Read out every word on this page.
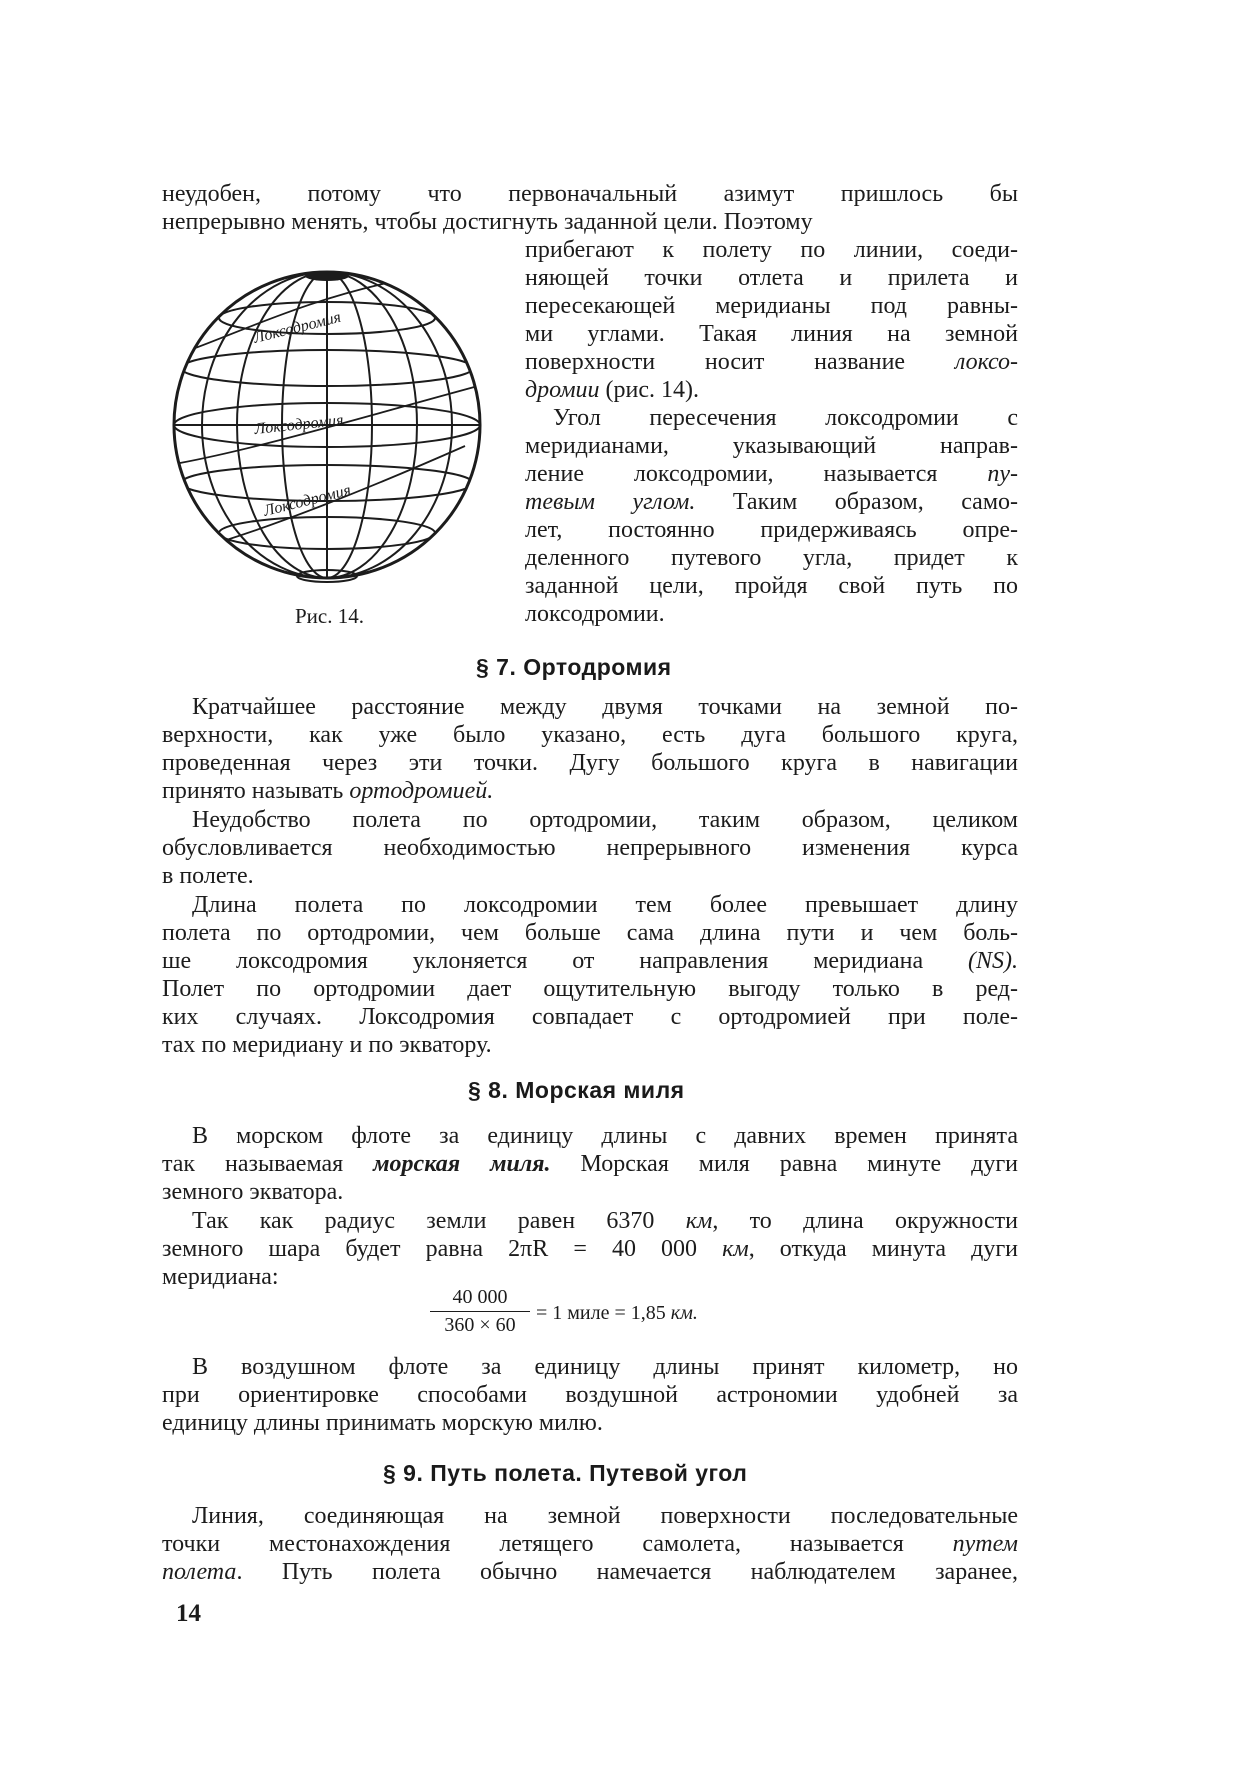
неудобен, потому что первоначальный азимут пришлось бы
непрерывно менять, чтобы достигнуть заданной цели. Поэтому
Локсодромия
Локсодромия
Локсодромия
Рис. 14.
прибегают к полету по линии, соеди-
няющей точки отлета и прилета и
пересекающей меридианы под равны-
ми углами. Такая линия на земной
поверхности носит название локсо-
дромии (рис. 14).
Угол пересечения локсодромии с
меридианами, указывающий направ-
ление локсодромии, называется пу-
тевым углом. Таким образом, само-
лет, постоянно придерживаясь опре-
деленного путевого угла, придет к
заданной цели, пройдя свой путь по
локсодромии.
§ 7. Ортодромия
Кратчайшее расстояние между двумя точками на земной по-
верхности, как уже было указано, есть дуга большого круга,
проведенная через эти точки. Дугу большого круга в навигации
принято называть ортодромией.
Неудобство полета по ортодромии, таким образом, целиком
обусловливается необходимостью непрерывного изменения курса
в полете.
Длина полета по локсодромии тем более превышает длину
полета по ортодромии, чем больше сама длина пути и чем боль-
ше локсодромия уклоняется от направления меридиана (NS).
Полет по ортодромии дает ощутительную выгоду только в ред-
ких случаях. Локсодромия совпадает с ортодромией при поле-
тах по меридиану и по экватору.
§ 8. Морская миля
В морском флоте за единицу длины с давних времен принята
так называемая морская миля. Морская миля равна минуте дуги
земного экватора.
Так как радиус земли равен 6370 км, то длина окружности
земного шара будет равна 2πR = 40 000 км, откуда минута дуги
меридиана:
$\frac{40 000}{360 \times 60} = 1$ миле = 1,85 км.
В воздушном флоте за единицу длины принят километр, но
при ориентировке способами воздушной астрономии удобней за
единицу длины принимать морскую милю.
§ 9. Путь полета. Путевой угол
Линия, соединяющая на земной поверхности последовательные
точки местонахождения летящего самолета, называется путем
полета. Путь полета обычно намечается наблюдателем заранее,
14
